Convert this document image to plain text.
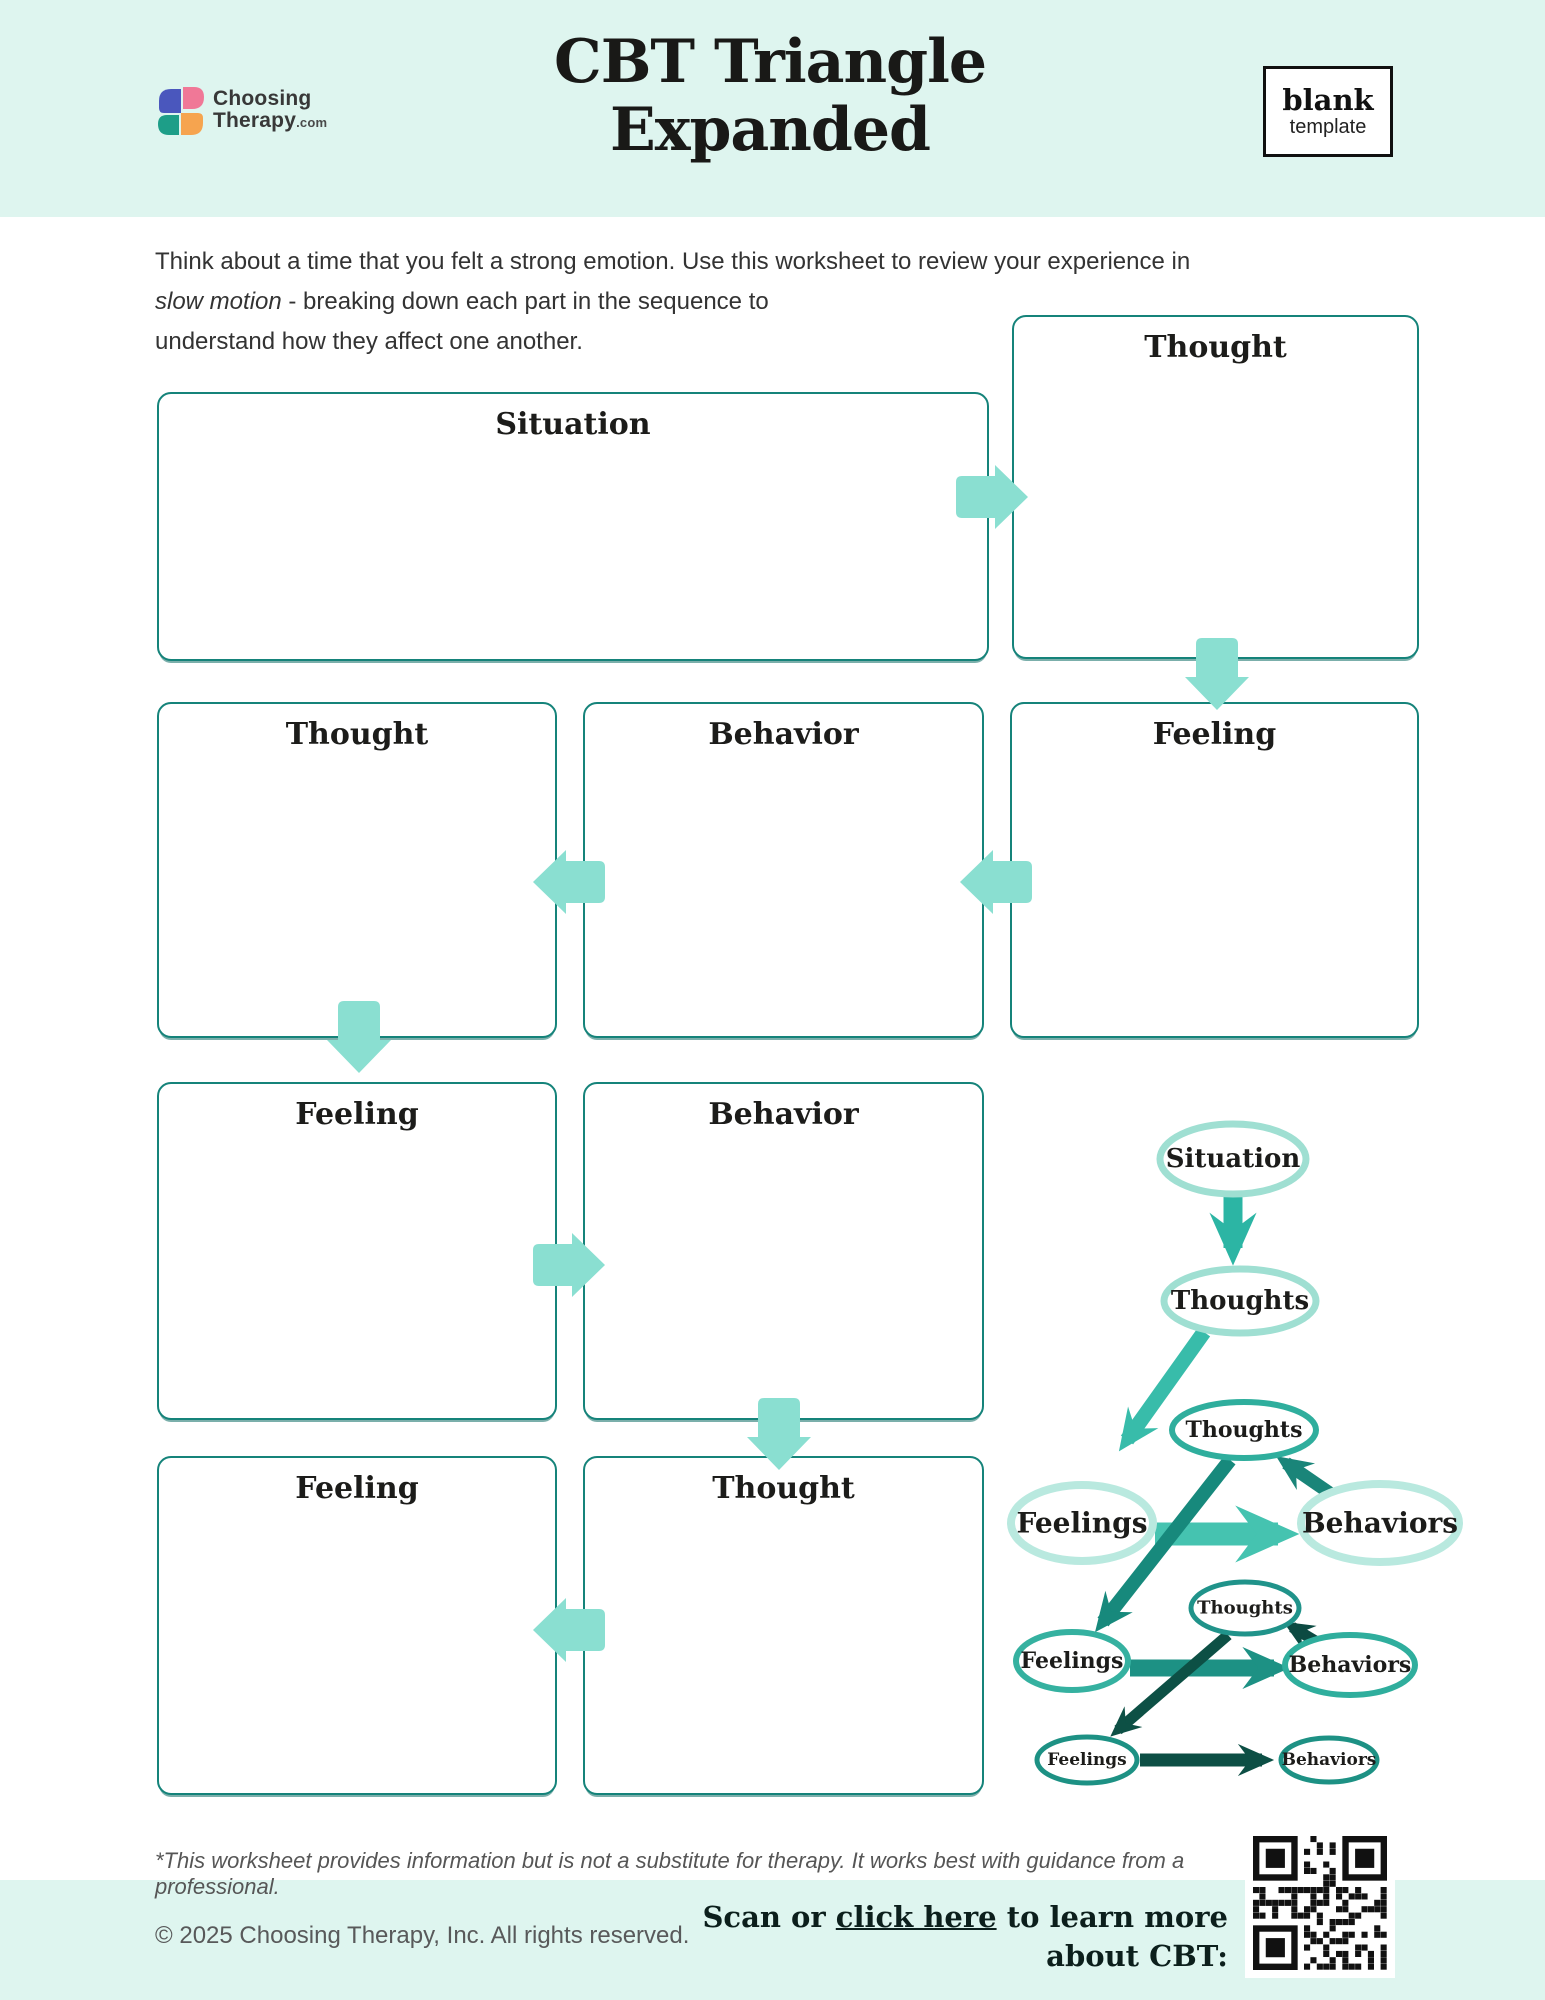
Choosing
Therapy.com
CBT Triangle
Expanded	blank
template
Think about a time that you felt a strong emotion. Use this worksheet to review your experience in
slow motion - breaking down each part in the sequence to
understand how they affect one another.
Situation
Thought
Thought	Behavior	Feeling
Feeling	Behavior
Feeling	Thought
Situation
Thoughts
Thoughts
Feelings	Behaviors
Thoughts
Feelings	Behaviors
Feelings	Behaviors
*This worksheet provides information but is not a substitute for therapy. It works best with guidance from a professional.
© 2025 Choosing Therapy, Inc. All rights reserved.
Scan or click here to learn more
about CBT:
